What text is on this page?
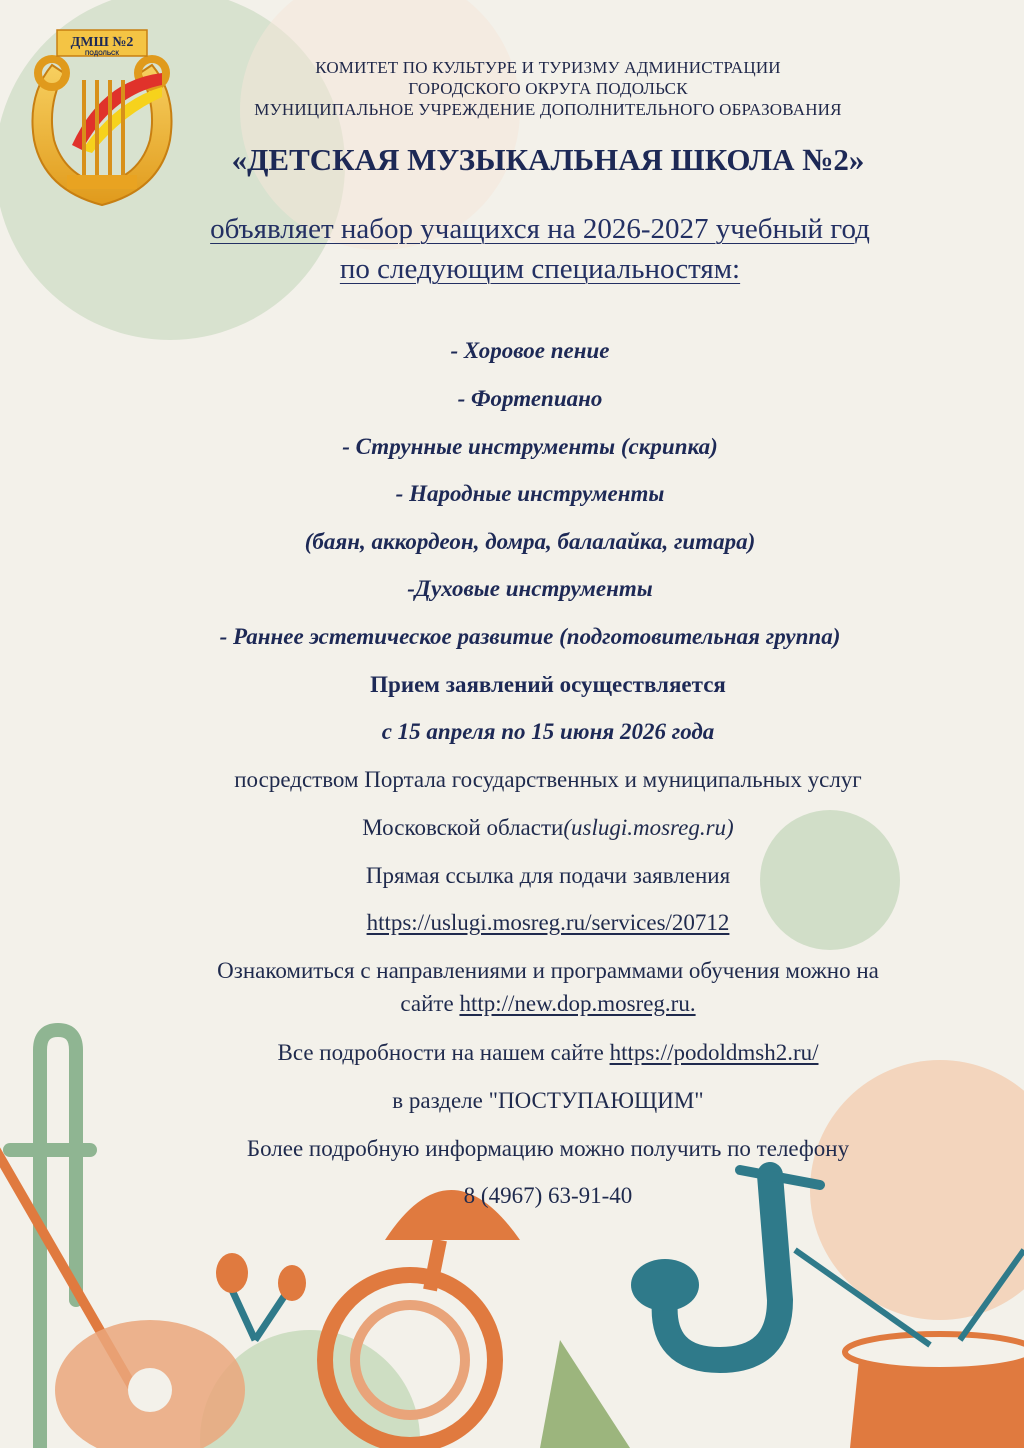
ДМШ №2
ПОДОЛЬСК
КОМИТЕТ ПО КУЛЬТУРЕ И ТУРИЗМУ АДМИНИСТРАЦИИ
ГОРОДСКОГО ОКРУГА ПОДОЛЬСК
МУНИЦИПАЛЬНОЕ УЧРЕЖДЕНИЕ ДОПОЛНИТЕЛЬНОГО ОБРАЗОВАНИЯ
«ДЕТСКАЯ МУЗЫКАЛЬНАЯ ШКОЛА №2»
объявляет набор учащихся на 2026-2027 учебный год
по следующим специальностям:
- Хоровое пение
- Фортепиано
- Струнные инструменты (скрипка)
- Народные инструменты
(баян, аккордеон, домра, балалайка, гитара)
-Духовые инструменты
- Раннее эстетическое развитие (подготовительная группа)
Прием заявлений осуществляется
с 15 апреля по 15 июня 2026 года
посредством Портала государственных и муниципальных услуг
Московской области(uslugi.mosreg.ru)
Прямая ссылка для подачи заявления
https://uslugi.mosreg.ru/services/20712
Ознакомиться с направлениями и программами обучения можно на
сайте http://new.dop.mosreg.ru.
Все подробности на нашем сайте https://podoldmsh2.ru/
в разделе "ПОСТУПАЮЩИМ"
Более подробную информацию можно получить по телефону
8 (4967) 63-91-40
